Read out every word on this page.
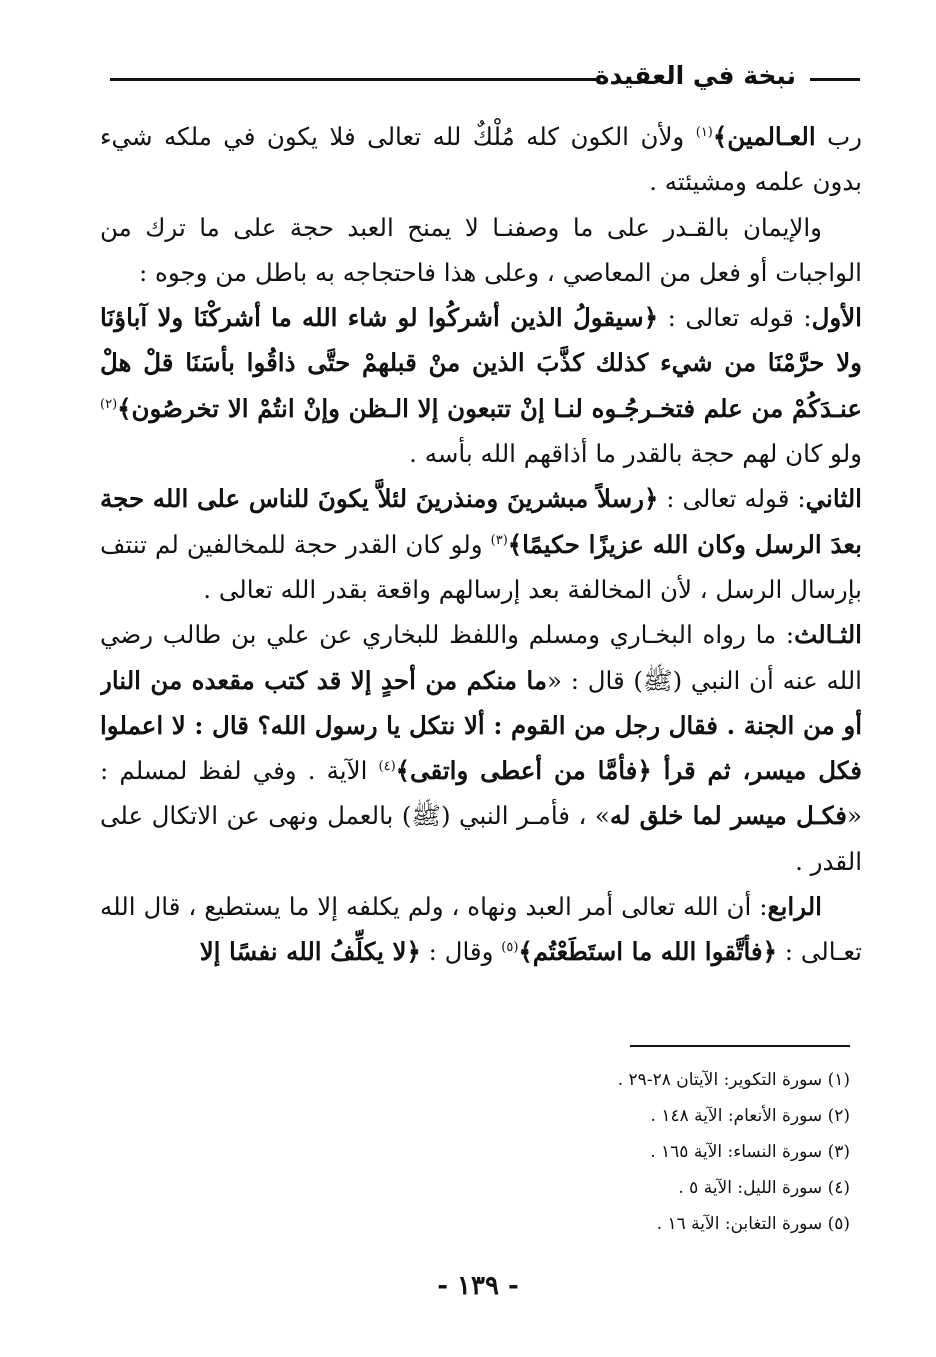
نبخة في العقيدة

رب العـالمين﴾$^{(١)}$ ولأن الكون كله مُلْكٌ لله تعالى فلا يكون في ملكه شيء بدون علمه ومشيئته .

والإيمان بالقـدر على ما وصفنـا لا يمنح العبد حجة على ما ترك من الواجبات أو فعل من المعاصي ، وعلى هذا فاحتجاجه به باطل من وجوه :

الأول: قوله تعالى : ﴿سيقولُ الذين أشركُوا لو شاء الله ما أشركْنَا ولا آباؤنَا ولا حرَّمْنَا من شيء كذلك كذَّبَ الذين منْ قبلهمْ حتَّى ذاقُوا بأسَنَا قلْ هلْ عنـدَكُمْ من علم فتخـرجُـوه لنـا إنْ تتبعون إلا الـظن وإنْ انتُمْ الا تخرصُون﴾$^{(٢)}$ ولو كان لهم حجة بالقدر ما أذاقهم الله بأسه .

الثاني: قوله تعالى : ﴿رسلاً مبشرينَ ومنذرينَ لئلاَّ يكونَ للناس على الله حجة بعدَ الرسل وكان الله عزيزًا حكيمًا﴾$^{(٣)}$ ولو كان القدر حجة للمخالفين لم تنتف بإرسال الرسل ، لأن المخالفة بعد إرسالهم واقعة بقدر الله تعالى .

الثـالث: ما رواه البخـاري ومسلم واللفظ للبخاري عن علي بن طالب رضي الله عنه أن النبي (ﷺ) قال : «ما منكم من أحدٍ إلا قد كتب مقعده من النار أو من الجنة . فقال رجل من القوم : ألا نتكل يا رسول الله؟ قال : لا اعملوا فكل ميسر، ثم قرأ ﴿فأمَّا من أعطى واتقى﴾$^{(٤)}$ الآية . وفي لفظ لمسلم : «فكـل ميسر لما خلق له» ، فأمـر النبي (ﷺ) بالعمل ونهى عن الاتكال على القدر .

الرابع: أن الله تعالى أمر العبد ونهاه ، ولم يكلفه إلا ما يستطيع ، قال الله تعـالى : ﴿فأتَّقوا الله ما استَطَعْتُم﴾$^{(٥)}$ وقال : ﴿لا يكلِّفُ الله نفسًا إلا

(١) سورة التكوير: الآيتان ٢٨-٢٩ .
(٢) سورة الأنعام: الآية ١٤٨ .
(٣) سورة النساء: الآية ١٦٥ .
(٤) سورة الليل: الآية ٥ .
(٥) سورة التغابن: الآية ١٦ .
- ١٣٩ -
